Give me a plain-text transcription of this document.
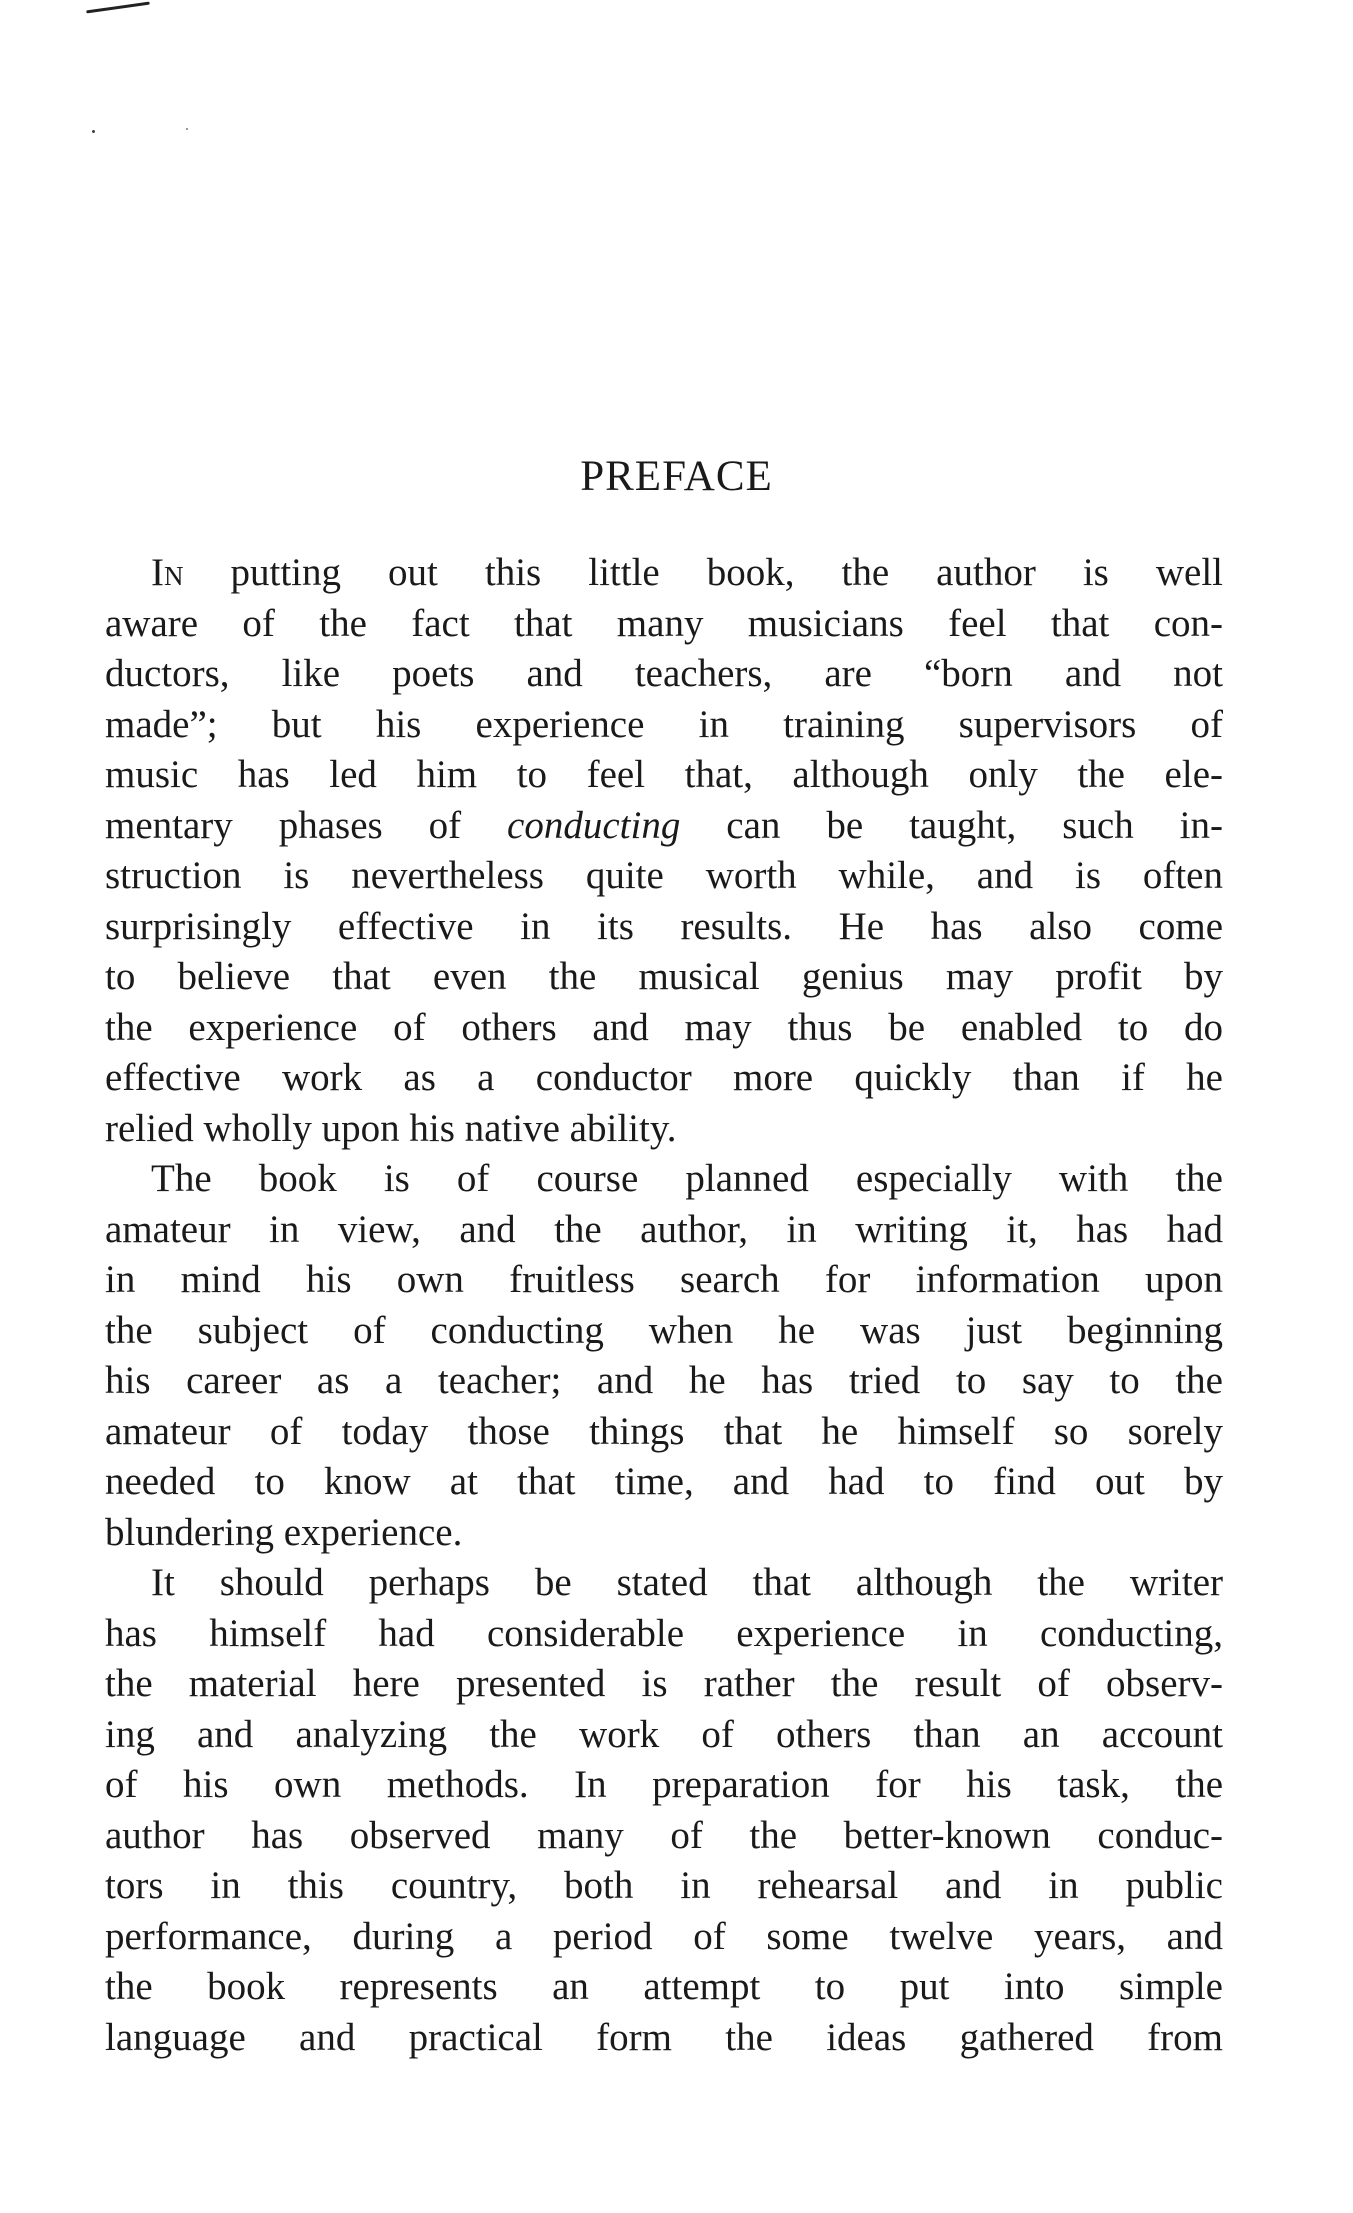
PREFACE
In putting out this little book, the author is well
aware of the fact that many musicians feel that con-
ductors, like poets and teachers, are “born and not
made”; but his experience in training supervisors of
music has led him to feel that, although only the ele-
mentary phases of conducting can be taught, such in-
struction is nevertheless quite worth while, and is often
surprisingly effective in its results. He has also come
to believe that even the musical genius may profit by
the experience of others and may thus be enabled to do
effective work as a conductor more quickly than if he
relied wholly upon his native ability.
The book is of course planned especially with the
amateur in view, and the author, in writing it, has had
in mind his own fruitless search for information upon
the subject of conducting when he was just beginning
his career as a teacher; and he has tried to say to the
amateur of today those things that he himself so sorely
needed to know at that time, and had to find out by
blundering experience.
It should perhaps be stated that although the writer
has himself had considerable experience in conducting,
the material here presented is rather the result of observ-
ing and analyzing the work of others than an account
of his own methods. In preparation for his task, the
author has observed many of the better-known conduc-
tors in this country, both in rehearsal and in public
performance, during a period of some twelve years, and
the book represents an attempt to put into simple
language and practical form the ideas gathered from
